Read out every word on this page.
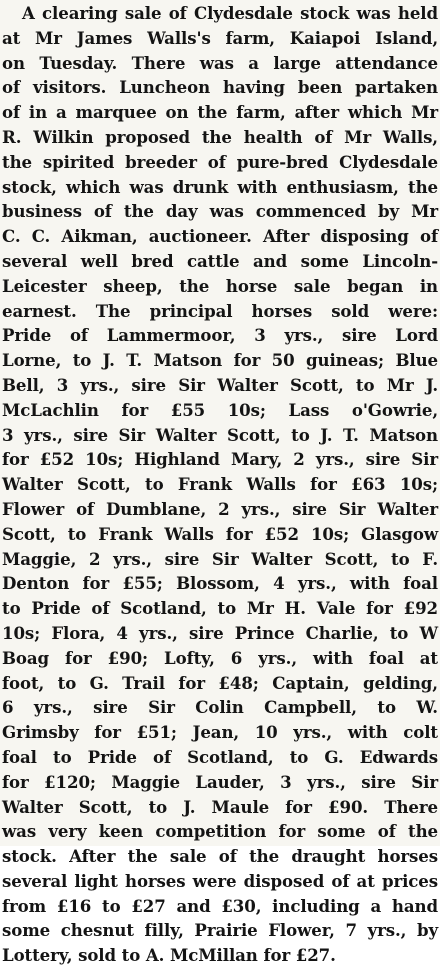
A clearing sale of Clydesdale stock was held
at Mr James Walls's farm, Kaiapoi Island,
on Tuesday. There was a large attendance
of visitors. Luncheon having been partaken
of in a marquee on the farm, after which Mr
R. Wilkin proposed the health of Mr Walls,
the spirited breeder of pure-bred Clydesdale
stock, which was drunk with enthusiasm, the
business of the day was commenced by Mr
C. C. Aikman, auctioneer. After disposing of
several well bred cattle and some Lincoln-
Leicester sheep, the horse sale began in
earnest. The principal horses sold were:
Pride of Lammermoor, 3 yrs., sire Lord
Lorne, to J. T. Matson for 50 guineas; Blue
Bell, 3 yrs., sire Sir Walter Scott, to Mr J.
McLachlin for £55 10s; Lass o'Gowrie,
3 yrs., sire Sir Walter Scott, to J. T. Matson
for £52 10s; Highland Mary, 2 yrs., sire Sir
Walter Scott, to Frank Walls for £63 10s;
Flower of Dumblane, 2 yrs., sire Sir Walter
Scott, to Frank Walls for £52 10s; Glasgow
Maggie, 2 yrs., sire Sir Walter Scott, to F.
Denton for £55; Blossom, 4 yrs., with foal
to Pride of Scotland, to Mr H. Vale for £92
10s; Flora, 4 yrs., sire Prince Charlie, to W
Boag for £90; Lofty, 6 yrs., with foal at
foot, to G. Trail for £48; Captain, gelding,
6 yrs., sire Sir Colin Campbell, to W.
Grimsby for £51; Jean, 10 yrs., with colt
foal to Pride of Scotland, to G. Edwards
for £120; Maggie Lauder, 3 yrs., sire Sir
Walter Scott, to J. Maule for £90. There
was very keen competition for some of the
stock. After the sale of the draught horses
several light horses were disposed of at prices
from £16 to £27 and £30, including a hand
some chesnut filly, Prairie Flower, 7 yrs., by
Lottery, sold to A. McMillan for £27.
